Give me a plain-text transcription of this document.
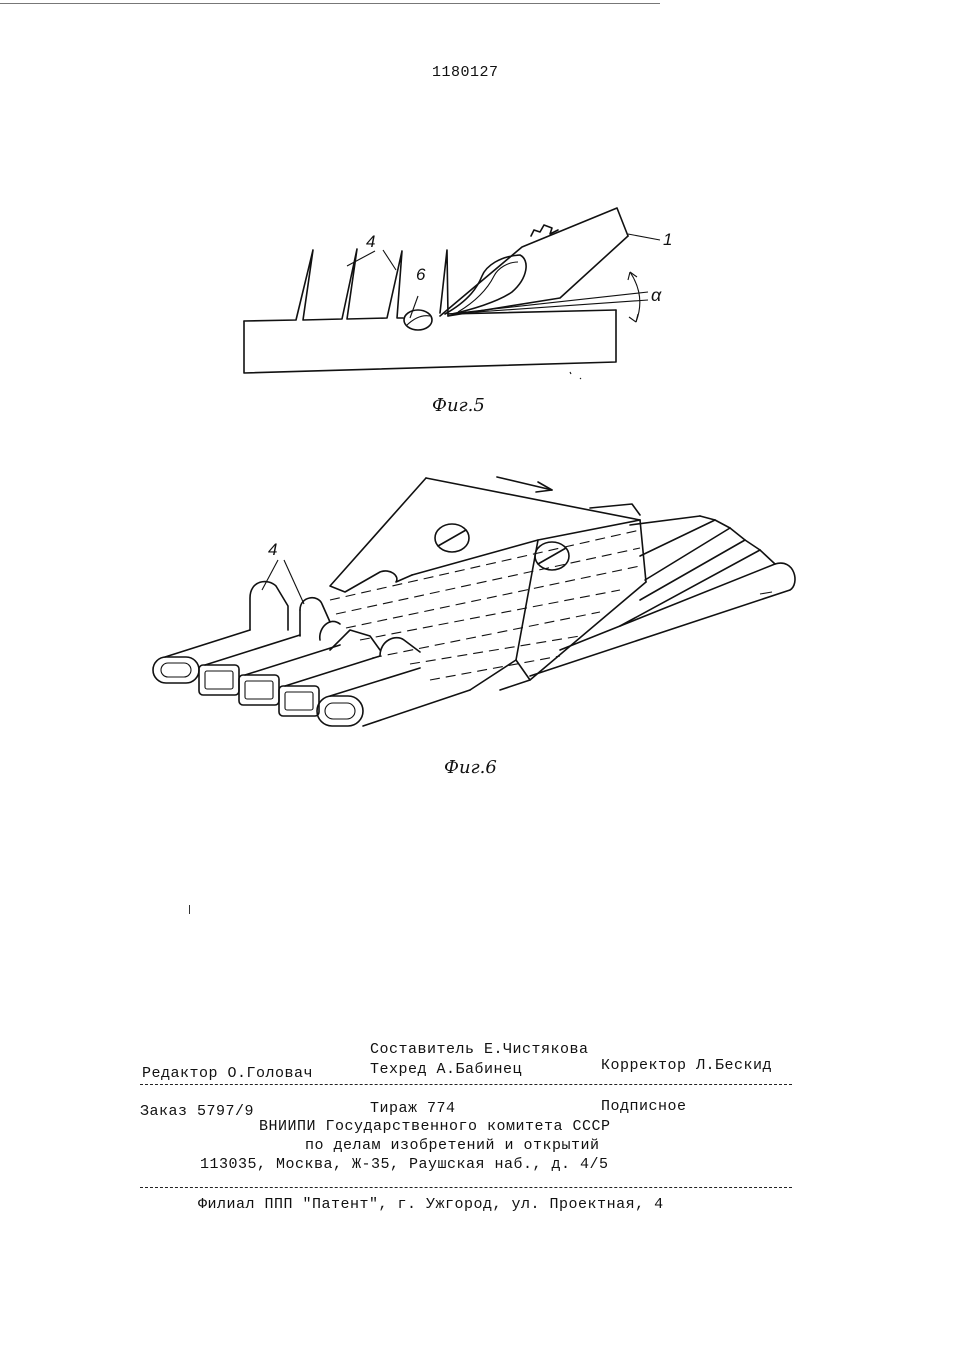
1180127
1
4
6
α
Фиг.5
4
Фиг.6
Составитель Е.Чистякова
Редактор О.Головач	Техред А.Бабинец	Корректор Л.Бескид
Заказ 5797/9	Тираж 774	Подписное
ВНИИПИ Государственного комитета СССР
по делам изобретений и открытий
113035, Москва, Ж-35, Раушская наб., д. 4/5
Филиал ППП "Патент", г. Ужгород, ул. Проектная, 4
